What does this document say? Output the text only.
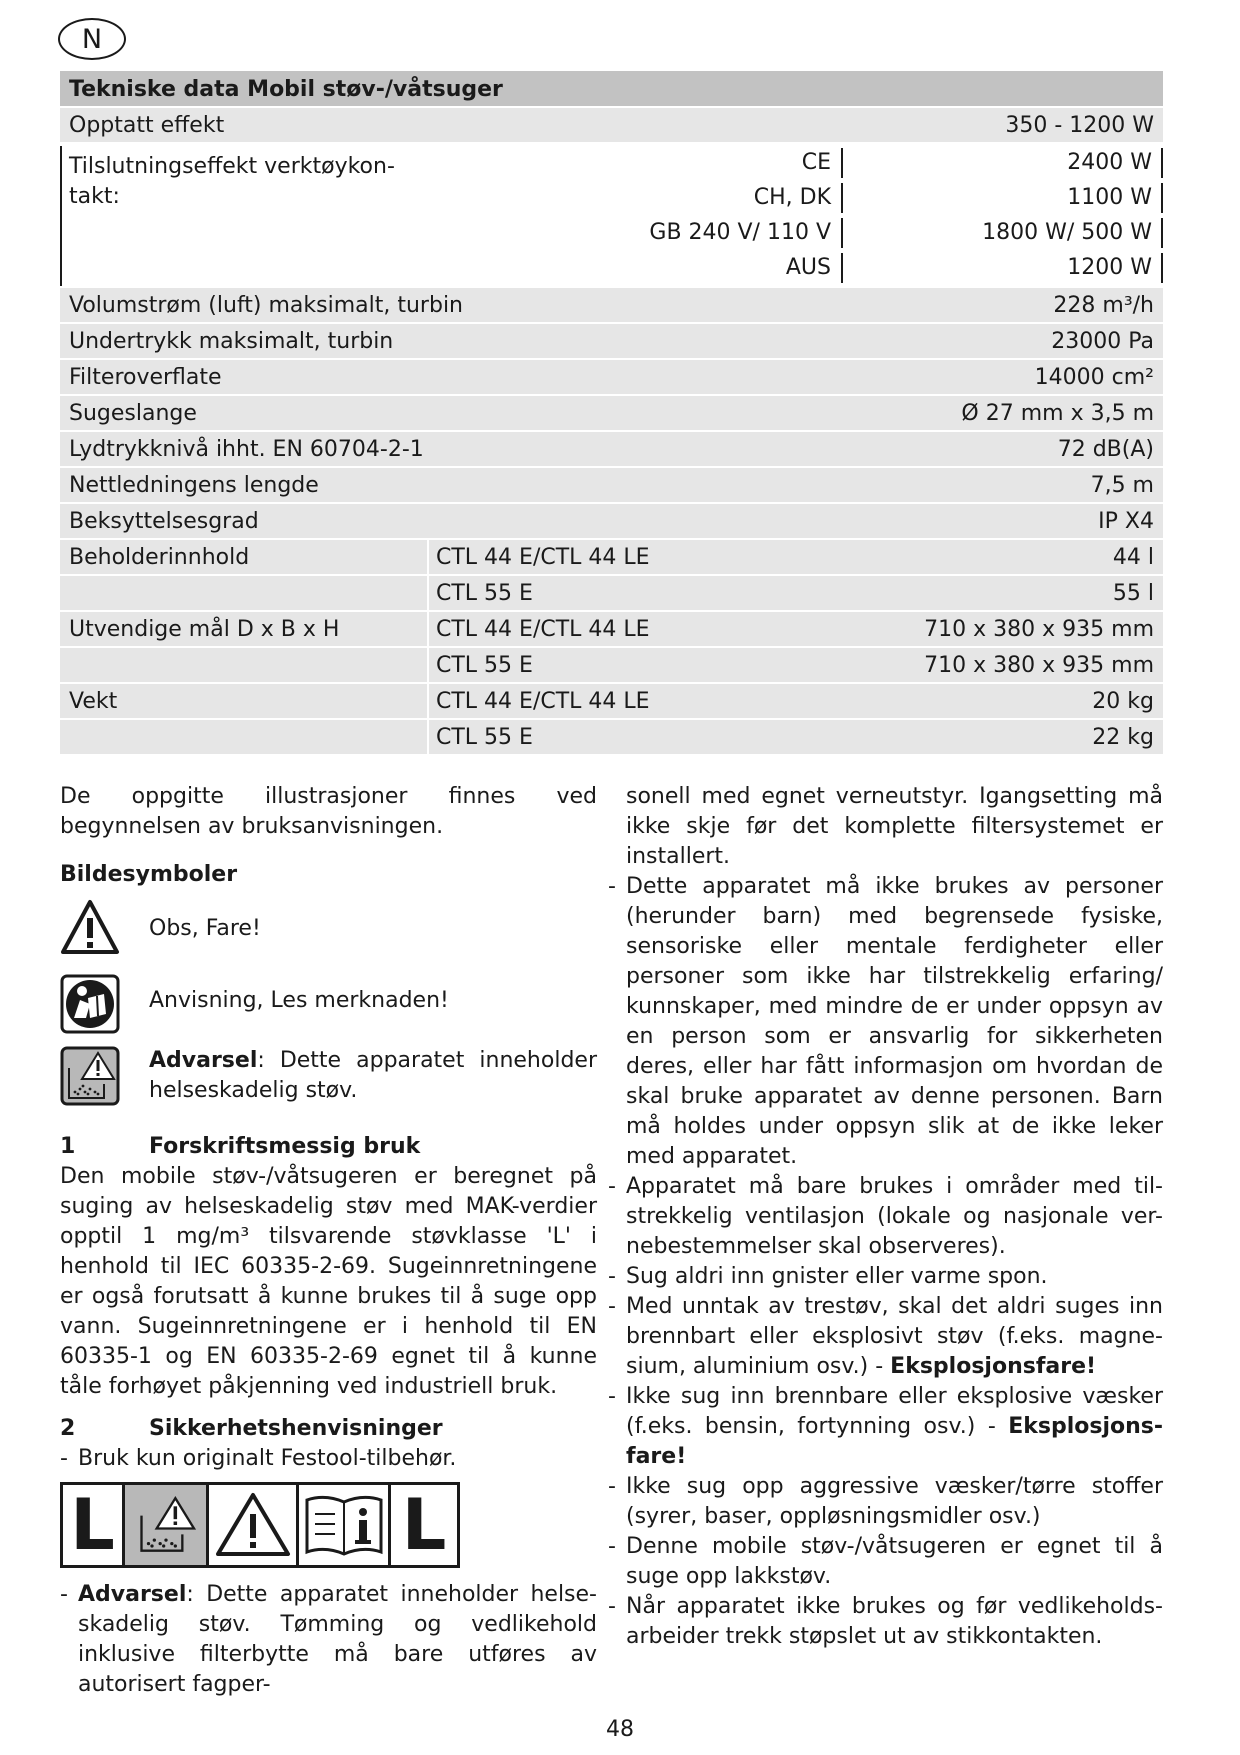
N
Tekniske data Mobil støv-/våtsuger
Opptatt effekt	350 - 1200 W
Tilslutningseffekt verktøykon-takt:
CE	2400 W
CH, DK	1100 W
GB 240 V/ 110 V	1800 W/ 500 W
AUS	1200 W
Volumstrøm (luft) maksimalt, turbin	228 m³/h
Undertrykk maksimalt, turbin	23000 Pa
Filteroverflate	14000 cm²
Sugeslange	Ø 27 mm x 3,5 m
Lydtrykknivå ihht. EN 60704-2-1	72 dB(A)
Nettledningens lengde	7,5 m
Beksyttelsesgrad	IP X4
Beholderinnhold	CTL 44 E/CTL 44 LE	44 l
CTL 55 E	55 l
Utvendige mål D x B x H	CTL 44 E/CTL 44 LE	710 x 380 x 935 mm
CTL 55 E	710 x 380 x 935 mm
Vekt	CTL 44 E/CTL 44 LE	20 kg
CTL 55 E	22 kg

De oppgitte illustrasjoner finnes ved begynnelsen av bruksanvisningen.

Bildesymboler

Obs, Fare!
Anvisning, Les merknaden!
Advarsel: Dette apparatet inneholder helseskadelig støv.
1	Forskriftsmessig bruk

Den mobile støv-/våtsugeren er beregnet på suging av helseskadelig støv med MAK-verdier opptil 1 mg/m³ tilsvarende støvklasse 'L' i henhold til IEC 60335-2-69. Sugeinnretningene er også forutsatt å kunne brukes til å suge opp vann. Sugeinnretningene er i henhold til EN 60335-1 og EN 60335-2-69 egnet til å kunne tåle forhøyet påkjenning ved industriell bruk.

2	Sikkerhetshenvisninger
- Bruk kun originalt Festool-tilbehør.
L	L
- Advarsel: Dette apparatet inneholder helse-skadelig støv. Tømming og vedlikehold inklusive filterbytte må bare utføres av autorisert fagper-

sonell med egnet verneutstyr. Igangsetting må ikke skje før det komplette filtersystemet er installert.

- Dette apparatet må ikke brukes av personer (herunder barn) med begrensede fysiske, sensoriske eller mentale ferdigheter eller personer som ikke har tilstrekkelig erfaring/ kunnskaper, med mindre de er under oppsyn av en person som er ansvarlig for sikkerheten deres, eller har fått informasjon om hvordan de skal bruke apparatet av denne personen. Barn må holdes under oppsyn slik at de ikke leker med apparatet.
- Apparatet må bare brukes i områder med til-strekkelig ventilasjon (lokale og nasjonale ver-nebestemmelser skal observeres).
- Sug aldri inn gnister eller varme spon.
- Med unntak av trestøv, skal det aldri suges inn brennbart eller eksplosivt støv (f.eks. magne-sium, aluminium osv.) - Eksplosjonsfare!
- Ikke sug inn brennbare eller eksplosive væsker (f.eks. bensin, fortynning osv.) - Eksplosjons-fare!
- Ikke sug opp aggressive væsker/tørre stoffer (syrer, baser, oppløsningsmidler osv.)
- Denne mobile støv-/våtsugeren er egnet til å suge opp lakkstøv.
- Når apparatet ikke brukes og før vedlikeholds-arbeider trekk støpslet ut av stikkontakten.
48
